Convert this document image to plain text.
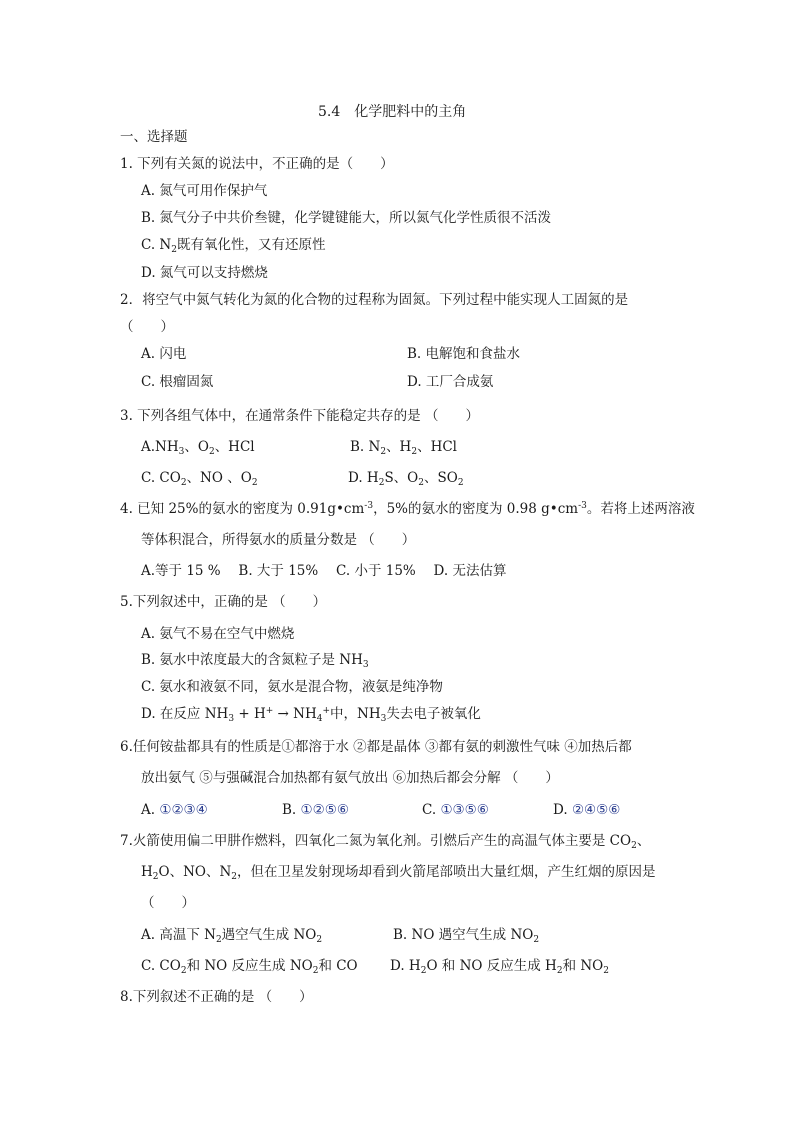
5.4　化学肥料中的主角
一、选择题
1. 下列有关氮的说法中，不正确的是（　　）
A. 氮气可用作保护气
B. 氮气分子中共价叁键，化学键键能大，所以氮气化学性质很不活泼
C. $N_2$既有氧化性，又有还原性
D. 氮气可以支持燃烧
2．将空气中氮气转化为氮的化合物的过程称为固氮。下列过程中能实现人工固氮的是
（　　）
A. 闪电	B. 电解饱和食盐水
C. 根瘤固氮	D. 工厂合成氨
3. 下列各组气体中，在通常条件下能稳定共存的是 （　　）
$A.NH_3$、$O_2$、HCl	B. $N_2$、$H_2$、HCl
C. $CO_2$、NO 、$O_2$	D. $H_2S$、$O_2$、$SO_2$
4. 已知 25%的氨水的密度为 $0.91g•cm^{-3}$，5%的氨水的密度为 0.98 $g•cm^{-3}$。若将上述两溶液
等体积混合，所得氨水的质量分数是 （　　）
A.等于 15 %　 B. 大于 15%　 C. 小于 15%　 D. 无法估算
5.下列叙述中，正确的是 （　　）
A. 氨气不易在空气中燃烧
B. 氨水中浓度最大的含氮粒子是 $NH_3$
C. 氨水和液氨不同，氨水是混合物，液氨是纯净物
D. 在反应 $NH_3 + H^+ \to NH_4^+$中，$NH_3$失去电子被氧化
6.任何铵盐都具有的性质是①都溶于水 ②都是晶体 ③都有氨的刺激性气味 ④加热后都
放出氨气 ⑤与强碱混合加热都有氨气放出 ⑥加热后都会分解 （　　）
A. ①②③④	B. ①②⑤⑥	C. ①③⑤⑥	D. ②④⑤⑥
7.火箭使用偏二甲肼作燃料，四氧化二氮为氧化剂。引燃后产生的高温气体主要是 $CO_2$、
$H_2O$、NO、$N_2$，但在卫星发射现场却看到火箭尾部喷出大量红烟，产生红烟的原因是
（　　）
A. 高温下 $N_2$遇空气生成 $NO_2$	B. NO 遇空气生成 $NO_2$
C. $CO_2$和 NO 反应生成 $NO_2$和 CO D. $H_2O$ 和 NO 反应生成 $H_2$和 $NO_2$
8.下列叙述不正确的是 （　　）
